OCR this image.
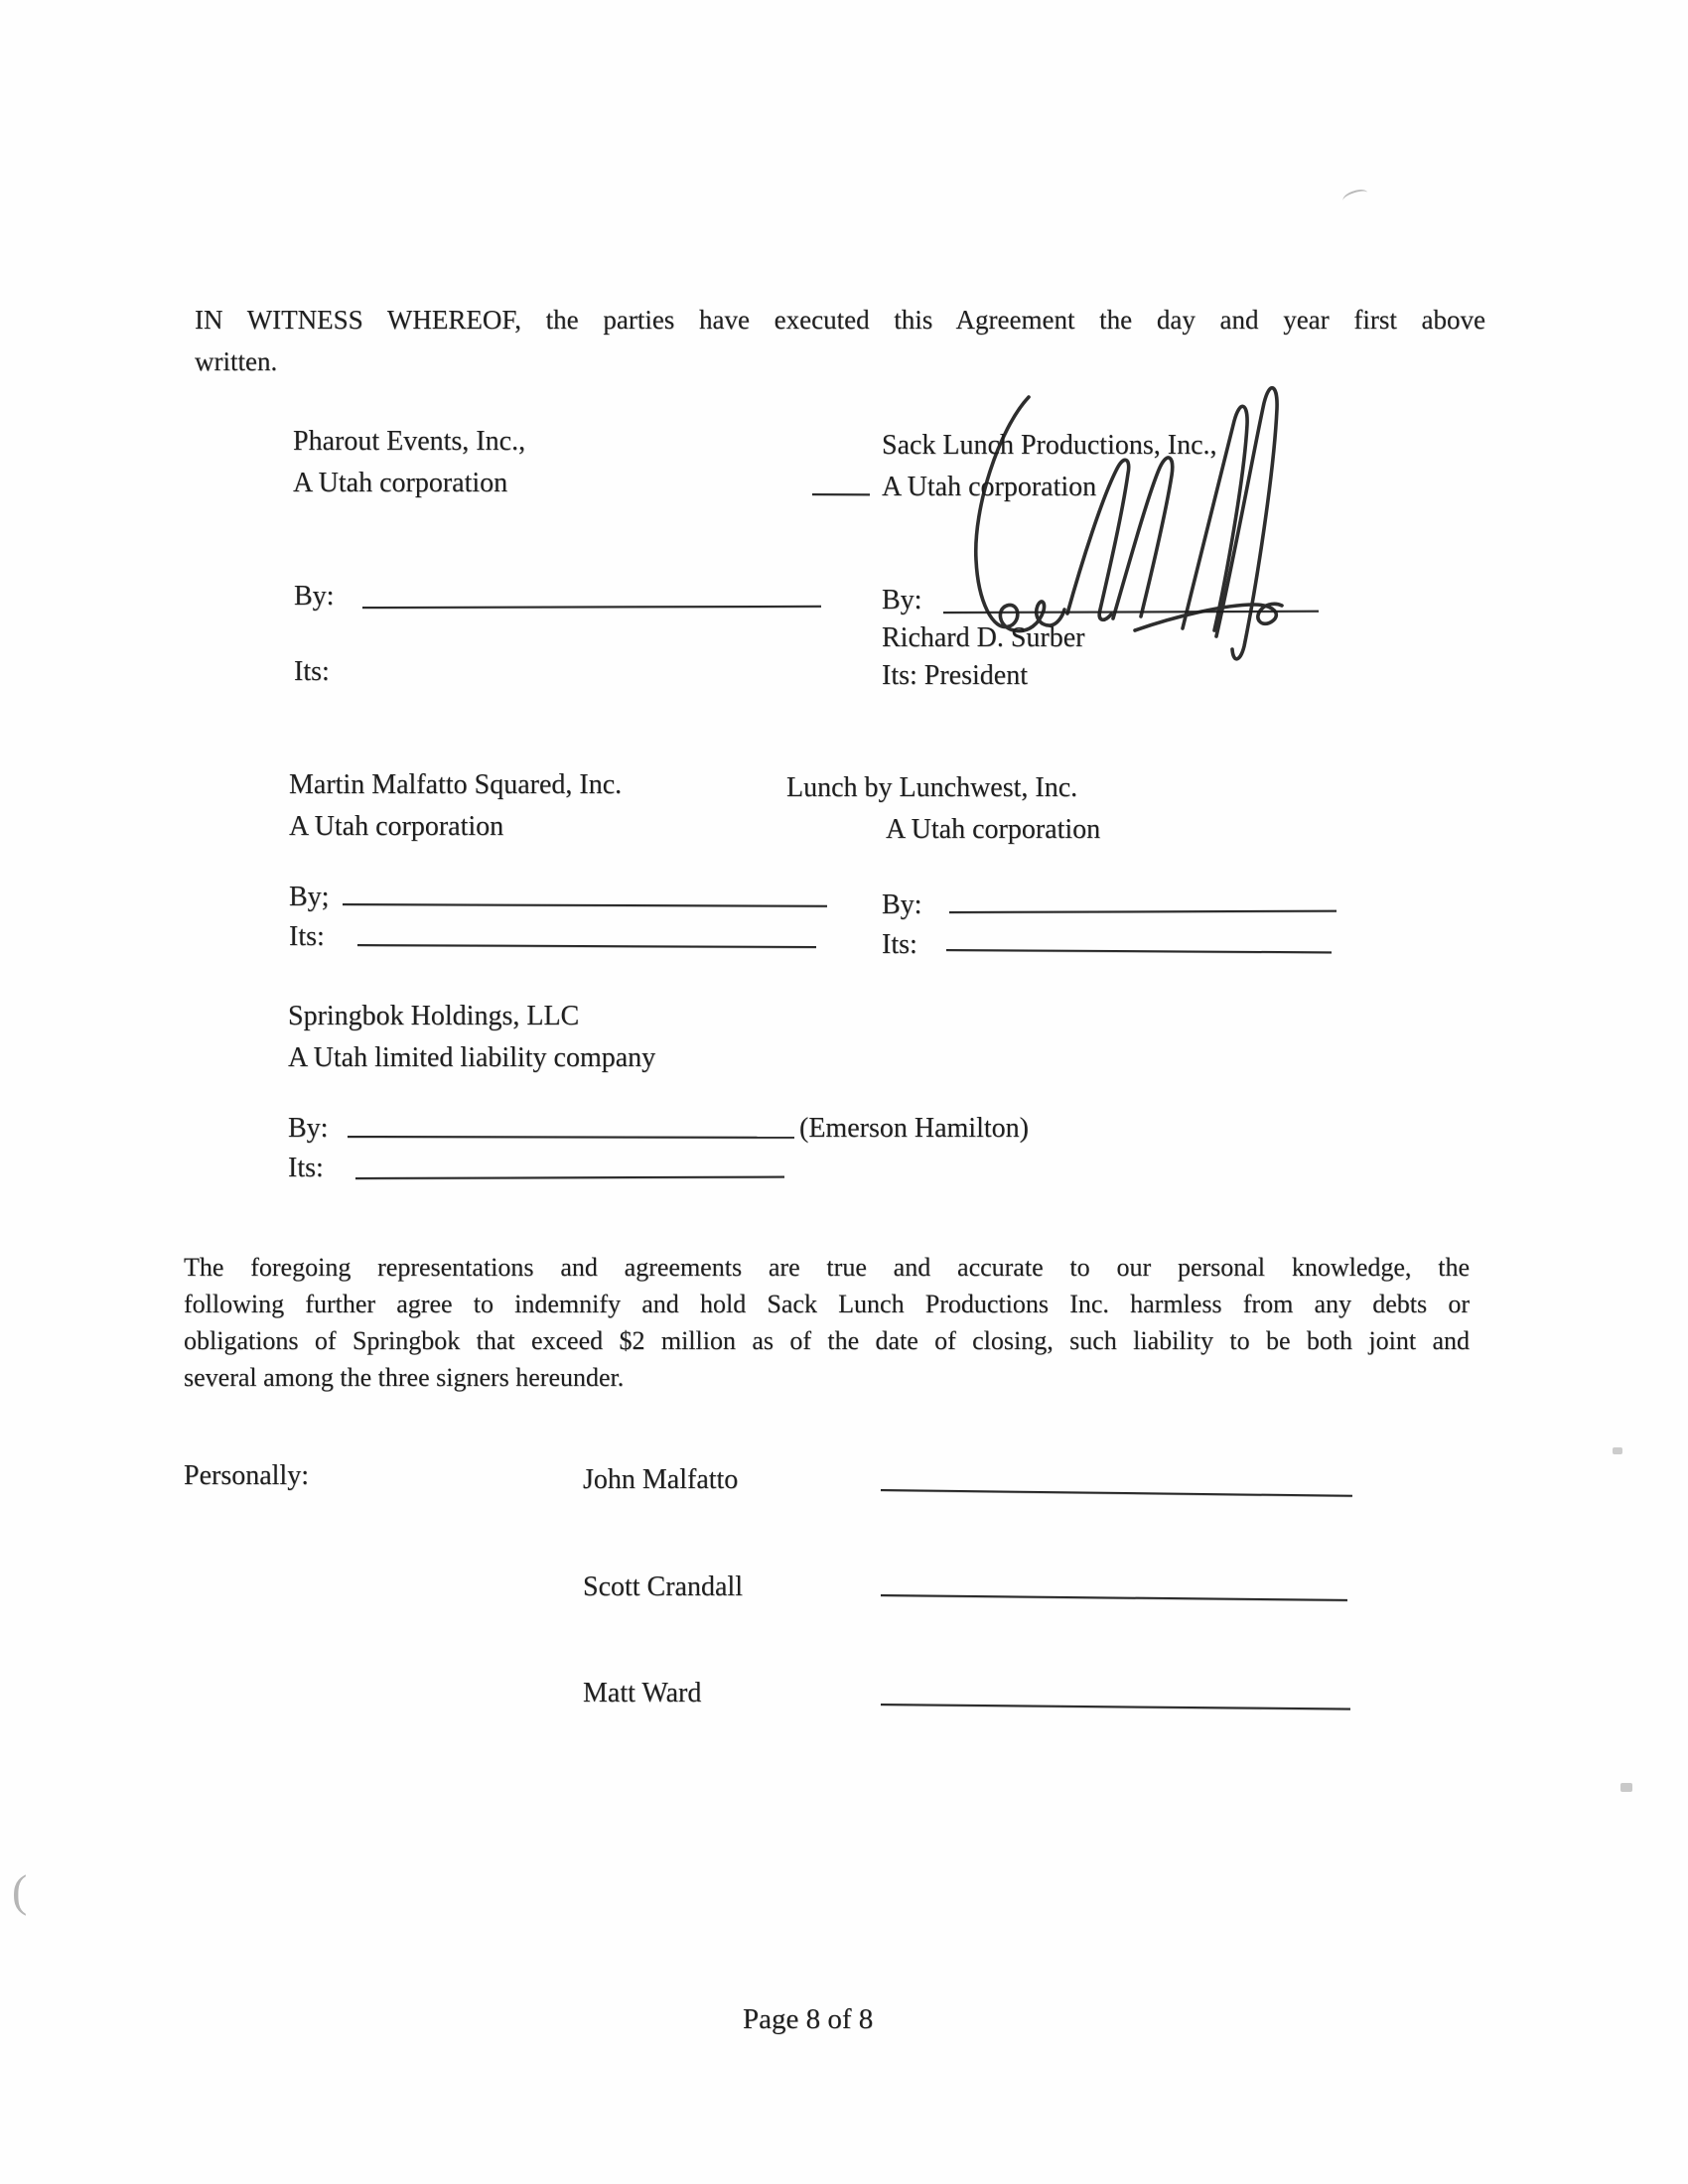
IN WITNESS WHEREOF, the parties have executed this Agreement the day and year first above
written.
Pharout Events, Inc.,
A Utah corporation
By:
Its:
Sack Lunch Productions, Inc.,
A Utah corporation
By:
Richard D. Surber
Its: President
Martin Malfatto Squared, Inc.
A Utah corporation
By;
Its:
Lunch by Lunchwest, Inc.
A Utah corporation
By:
Its:
Springbok Holdings, LLC
A Utah limited liability company
By:	(Emerson Hamilton)
Its:
The foregoing representations and agreements are true and accurate to our personal knowledge, the
following further agree to indemnify and hold Sack Lunch Productions Inc. harmless from any debts or
obligations of Springbok that exceed $2 million as of the date of closing, such liability to be both joint and
several among the three signers hereunder.
Personally:	John Malfatto
Scott Crandall
Matt Ward
Page 8 of 8
(
